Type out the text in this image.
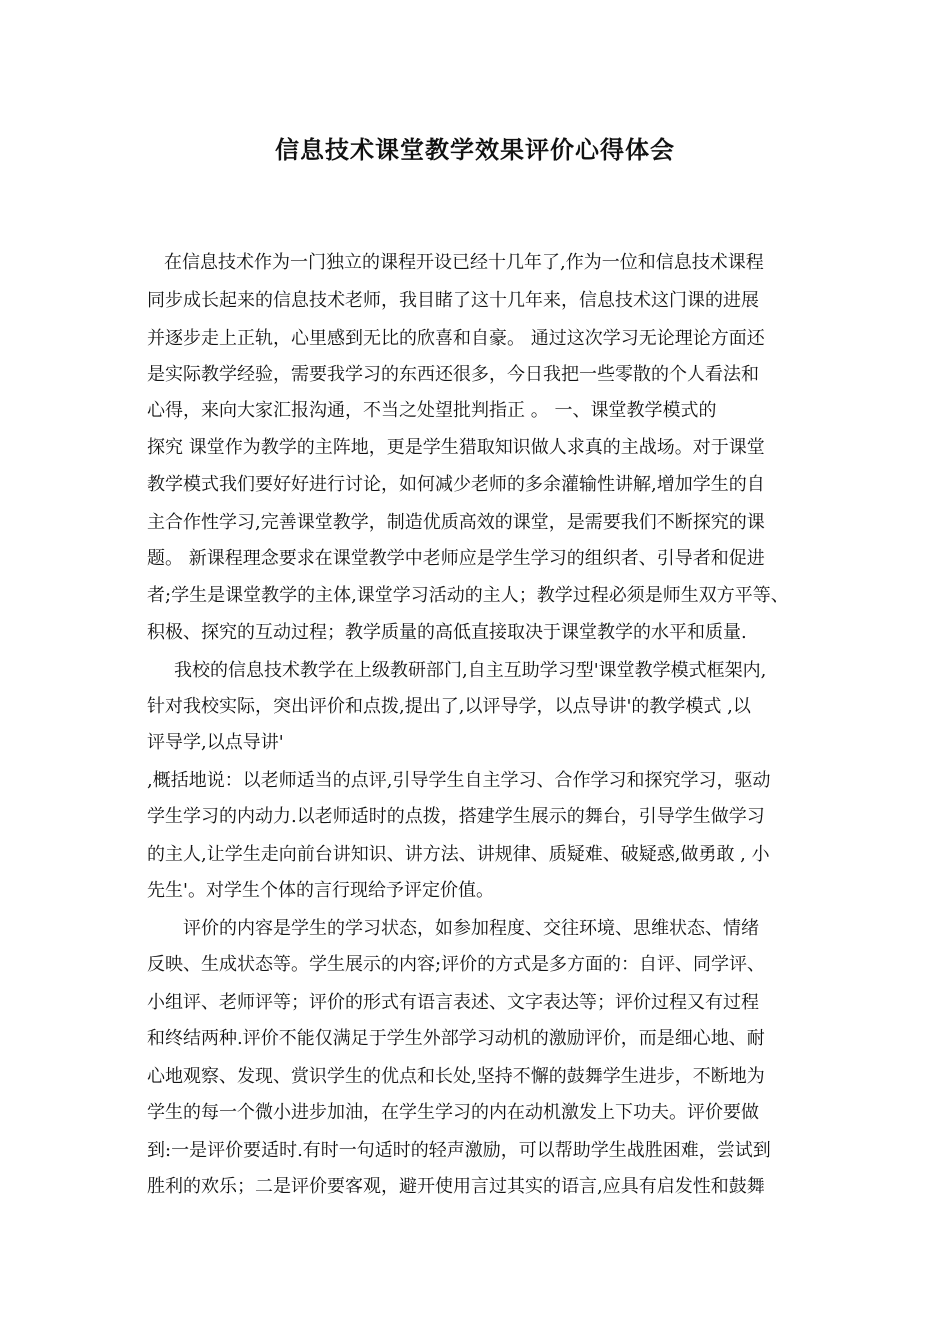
信息技术课堂教学效果评价心得体会
在信息技术作为一门独立的课程开设已经十几年了,作为一位和信息技术课程
同步成长起来的信息技术老师，我目睹了这十几年来，信息技术这门课的进展
并逐步走上正轨，心里感到无比的欣喜和自豪。 通过这次学习无论理论方面还
是实际教学经验，需要我学习的东西还很多，今日我把一些零散的个人看法和
心得，来向大家汇报沟通，不当之处望批判指正 。 一、课堂教学模式的
探究 课堂作为教学的主阵地，更是学生猎取知识做人求真的主战场。对于课堂
教学模式我们要好好进行讨论，如何减少老师的多余灌输性讲解,增加学生的自
主合作性学习,完善课堂教学，制造优质高效的课堂，是需要我们不断探究的课
题。 新课程理念要求在课堂教学中老师应是学生学习的组织者、引导者和促进
者;学生是课堂教学的主体,课堂学习活动的主人；教学过程必须是师生双方平等、
积极、探究的互动过程；教学质量的高低直接取决于课堂教学的水平和质量.
我校的信息技术教学在上级教研部门,自主互助学习型'课堂教学模式框架内,
针对我校实际，突出评价和点拨,提出了,以评导学，以点导讲'的教学模式 ,以
评导学,以点导讲'
,概括地说：以老师适当的点评,引导学生自主学习、合作学习和探究学习，驱动
学生学习的内动力.以老师适时的点拨，搭建学生展示的舞台，引导学生做学习
的主人,让学生走向前台讲知识、讲方法、讲规律、质疑难、破疑惑,做勇敢 , 小
先生'。对学生个体的言行现给予评定价值。
评价的内容是学生的学习状态，如参加程度、交往环境、思维状态、情绪
反映、生成状态等。学生展示的内容;评价的方式是多方面的：自评、同学评、
小组评、老师评等；评价的形式有语言表述、文字表达等；评价过程又有过程
和终结两种.评价不能仅满足于学生外部学习动机的激励评价，而是细心地、耐
心地观察、发现、赏识学生的优点和长处,坚持不懈的鼓舞学生进步，不断地为
学生的每一个微小进步加油，在学生学习的内在动机激发上下功夫。评价要做
到:一是评价要适时.有时一句适时的轻声激励，可以帮助学生战胜困难，尝试到
胜利的欢乐；二是评价要客观，避开使用言过其实的语言,应具有启发性和鼓舞
